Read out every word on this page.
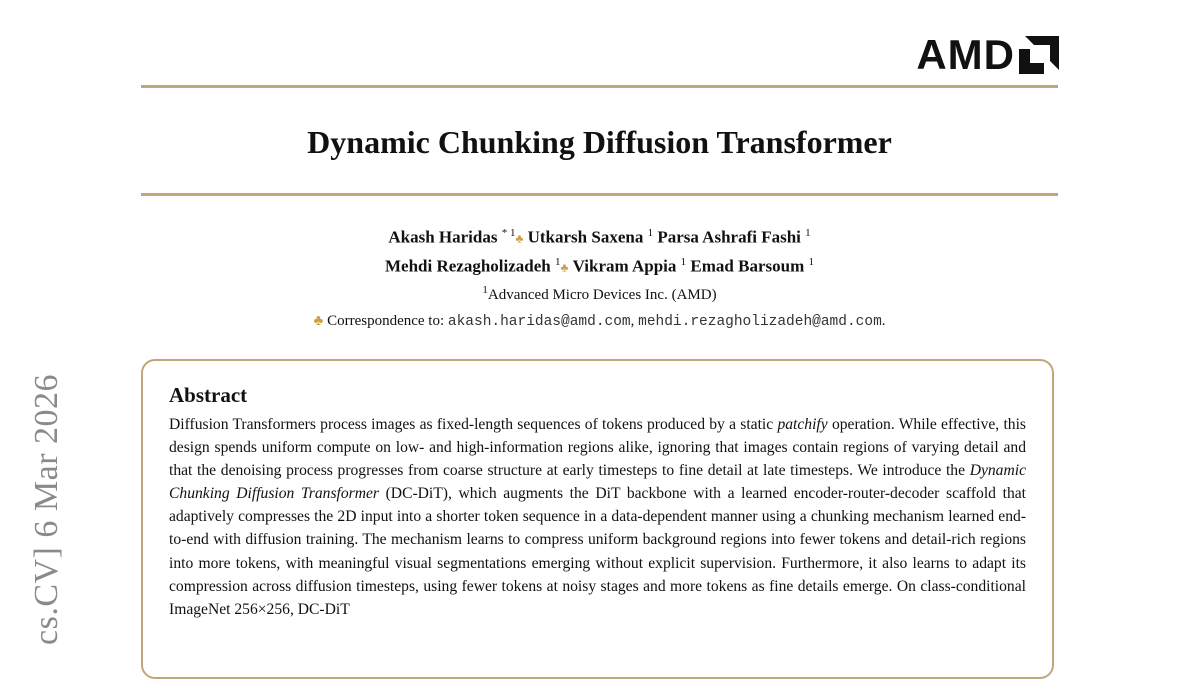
AMD
Dynamic Chunking Diffusion Transformer
Akash Haridas $^{* 1}$♣ Utkarsh Saxena $^1$ Parsa Ashrafi Fashi $^1$
Mehdi Rezagholizadeh $^1$♣ Vikram Appia $^1$ Emad Barsoum $^1$
$^1$Advanced Micro Devices Inc. (AMD)
♣ Correspondence to: akash.haridas@amd.com, mehdi.rezagholizadeh@amd.com.
Abstract

Diffusion Transformers process images as fixed-length sequences of tokens produced by a static patchify operation. While effective, this design spends uniform compute on low- and high-information regions alike, ignoring that images contain regions of varying detail and that the denoising process progresses from coarse structure at early timesteps to fine detail at late timesteps. We introduce the Dynamic Chunking Diffusion Transformer (DC-DiT), which augments the DiT backbone with a learned encoder-router-decoder scaffold that adaptively compresses the 2D input into a shorter token sequence in a data-dependent manner using a chunking mechanism learned end-to-end with diffusion training. The mechanism learns to compress uniform background regions into fewer tokens and detail-rich regions into more tokens, with meaningful visual segmentations emerging without explicit supervision. Furthermore, it also learns to adapt its compression across diffusion timesteps, using fewer tokens at noisy stages and more tokens as fine details emerge. On class-conditional ImageNet 256×256, DC-DiT

cs.CV] 6 Mar 2026
